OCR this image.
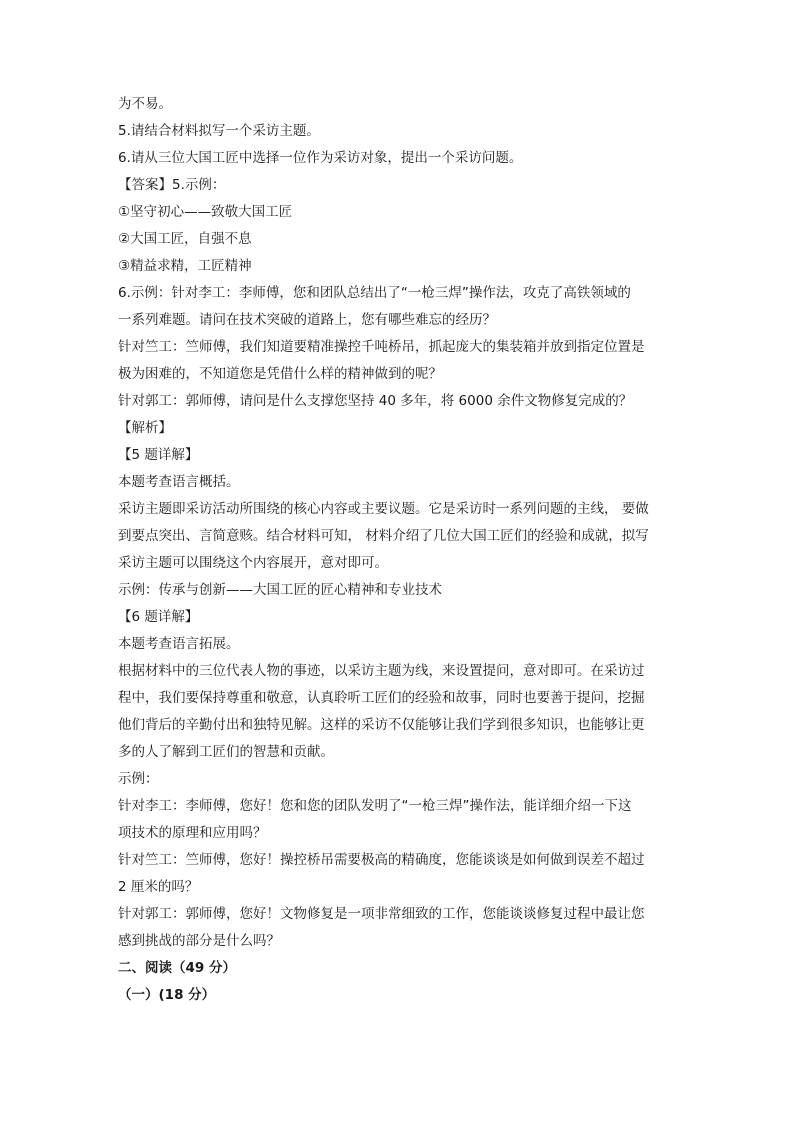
为不易。
5.请结合材料拟写一个采访主题。
6.请从三位大国工匠中选择一位作为采访对象，提出一个采访问题。
【答案】5.示例：
①坚守初心——致敬大国工匠
②大国工匠，自强不息
③精益求精，工匠精神
6.示例：针对李工：李师傅，您和团队总结出了“一枪三焊”操作法，攻克了高铁领域的
一系列难题。请问在技术突破的道路上，您有哪些难忘的经历？
针对竺工：竺师傅，我们知道要精准操控千吨桥吊，抓起庞大的集装箱并放到指定位置是
极为困难的，不知道您是凭借什么样的精神做到的呢？
针对郭工：郭师傅，请问是什么支撑您坚持 40 多年，将 6000 余件文物修复完成的？
【解析】
【5 题详解】
本题考查语言概括。
采访主题即采访活动所围绕的核心内容或主要议题。它是采访时一系列问题的主线， 要做
到要点突出、言简意赅。结合材料可知， 材料介绍了几位大国工匠们的经验和成就，拟写
采访主题可以围绕这个内容展开，意对即可。
示例：传承与创新——大国工匠的匠心精神和专业技术
【6 题详解】
本题考查语言拓展。
根据材料中的三位代表人物的事迹，以采访主题为线，来设置提问，意对即可。在采访过
程中，我们要保持尊重和敬意，认真聆听工匠们的经验和故事，同时也要善于提问，挖掘
他们背后的辛勤付出和独特见解。这样的采访不仅能够让我们学到很多知识，也能够让更
多的人了解到工匠们的智慧和贡献。
示例：
针对李工：李师傅，您好！您和您的团队发明了“一枪三焊”操作法，能详细介绍一下这
项技术的原理和应用吗？
针对竺工：竺师傅，您好！操控桥吊需要极高的精确度，您能谈谈是如何做到误差不超过
2 厘米的吗？
针对郭工：郭师傅，您好！文物修复是一项非常细致的工作，您能谈谈修复过程中最让您
感到挑战的部分是什么吗？
二、阅读（49 分）
（一）(18 分）
